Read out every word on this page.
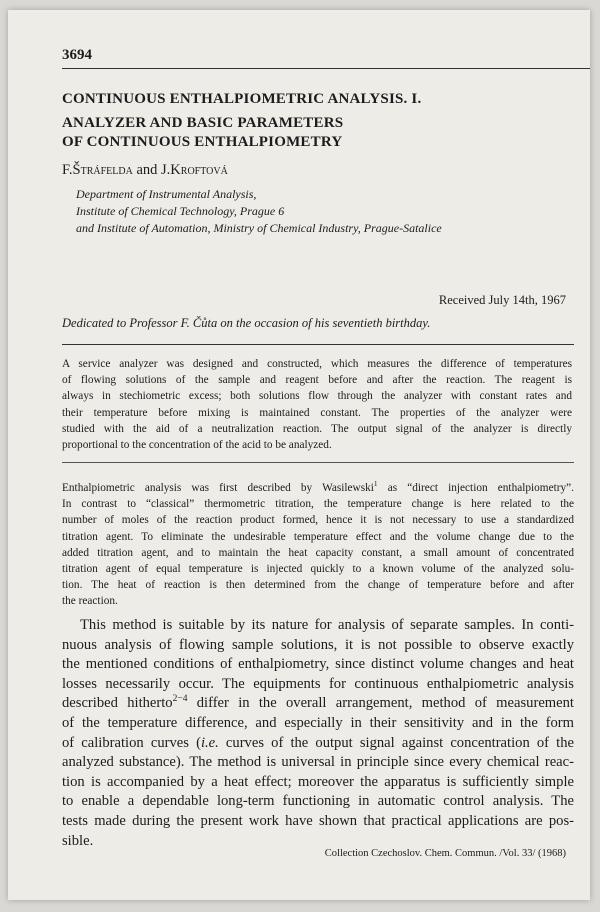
3694
CONTINUOUS ENTHALPIOMETRIC ANALYSIS. I.
ANALYZER AND BASIC PARAMETERS
OF CONTINUOUS ENTHALPIOMETRY
F.Štráfelda and J.Kroftová
Department of Instrumental Analysis,
Institute of Chemical Technology, Prague 6
and Institute of Automation, Ministry of Chemical Industry, Prague-Satalice
Received July 14th, 1967
Dedicated to Professor F. Čůta on the occasion of his seventieth birthday.
A service analyzer was designed and constructed, which measures the difference of temperatures
of flowing solutions of the sample and reagent before and after the reaction. The reagent is
always in stechiometric excess; both solutions flow through the analyzer with constant rates and
their temperature before mixing is maintained constant. The properties of the analyzer were
studied with the aid of a neutralization reaction. The output signal of the analyzer is directly
proportional to the concentration of the acid to be analyzed.
Enthalpiometric analysis was first described by Wasilewski$^1$ as “direct injection enthalpiometry”.
In contrast to “classical” thermometric titration, the temperature change is here related to the
number of moles of the reaction product formed, hence it is not necessary to use a standardized
titration agent. To eliminate the undesirable temperature effect and the volume change due to the
added titration agent, and to maintain the heat capacity constant, a small amount of concentrated
titration agent of equal temperature is injected quickly to a known volume of the analyzed solu-
tion. The heat of reaction is then determined from the change of temperature before and after
the reaction.
This method is suitable by its nature for analysis of separate samples. In conti-
nuous analysis of flowing sample solutions, it is not possible to observe exactly
the mentioned conditions of enthalpiometry, since distinct volume changes and heat
losses necessarily occur. The equipments for continuous enthalpiometric analysis
described hitherto$^{2-4}$ differ in the overall arrangement, method of measurement
of the temperature difference, and especially in their sensitivity and in the form
of calibration curves (i.e. curves of the output signal against concentration of the
analyzed substance). The method is universal in principle since every chemical reac-
tion is accompanied by a heat effect; moreover the apparatus is sufficiently simple
to enable a dependable long-term functioning in automatic control analysis. The
tests made during the present work have shown that practical applications are pos-
sible.
Collection Czechoslov. Chem. Commun. /Vol. 33/ (1968)
